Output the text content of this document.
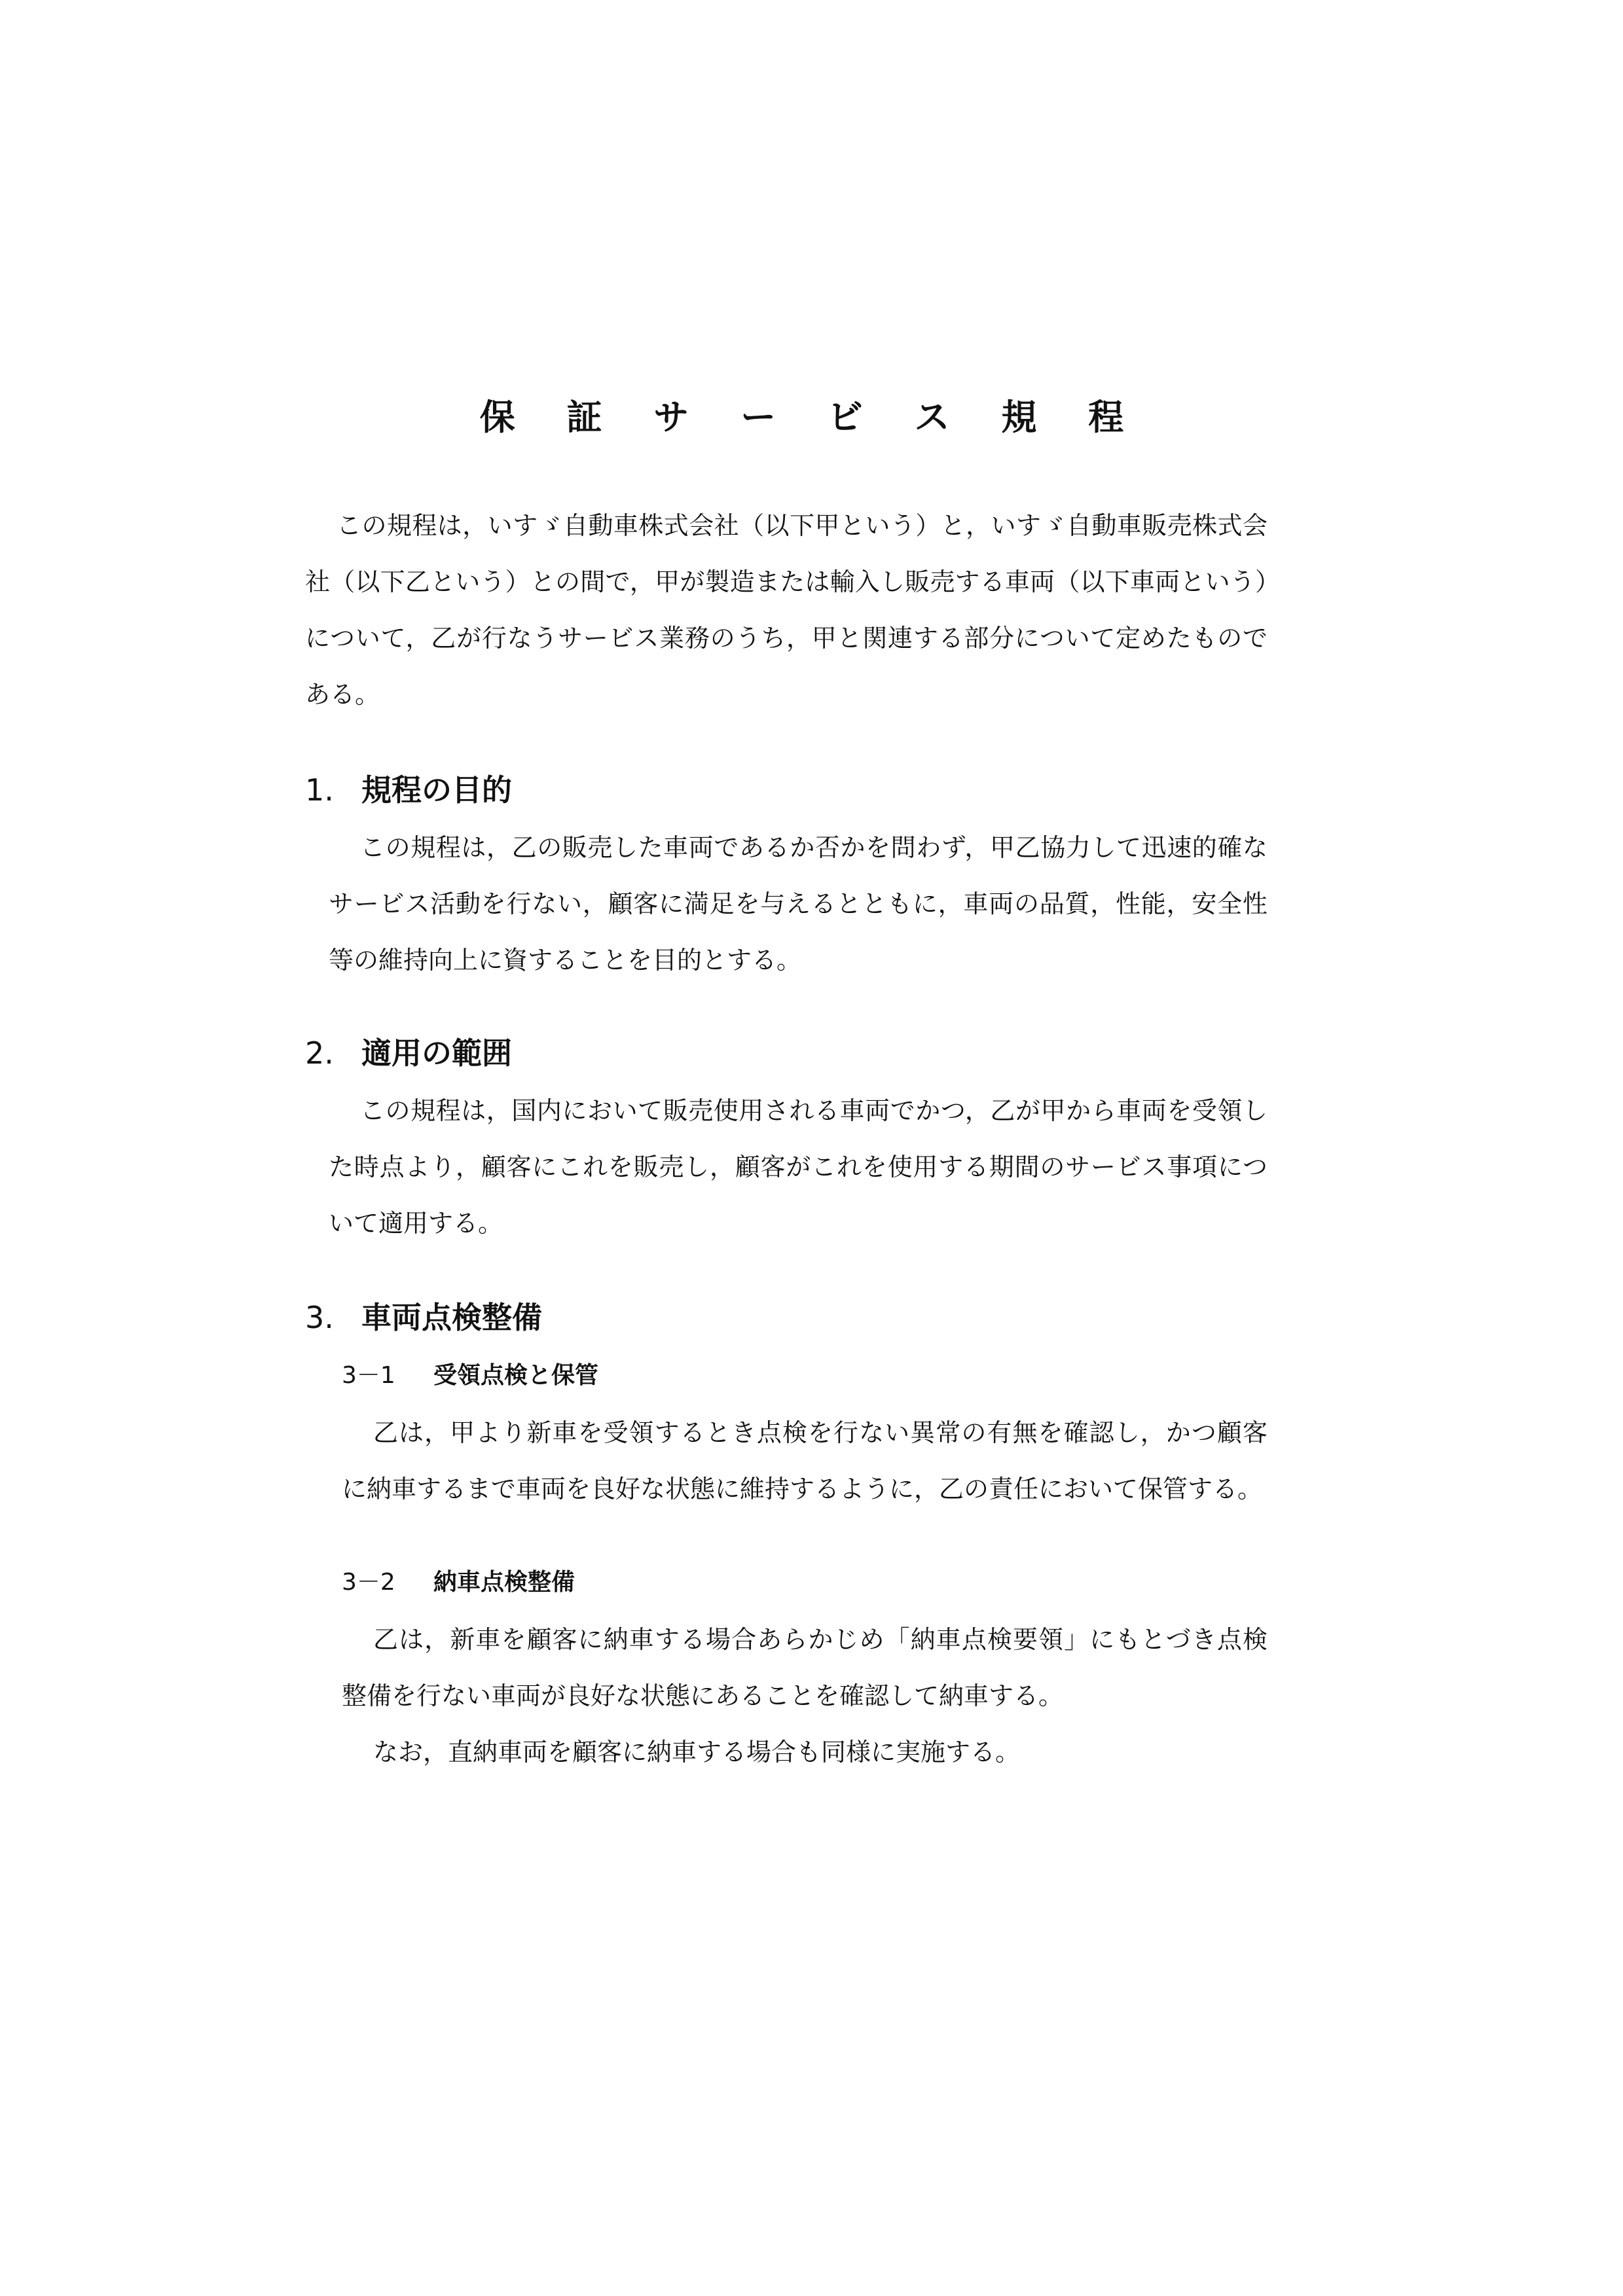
保 証 サ ー ビ ス 規 程

この規程は，いすゞ自動車株式会社（以下甲という）と，いすゞ自動車販売株式会社（以下乙という）との間で，甲が製造または輸入し販売する車両（以下車両という）について，乙が行なうサービス業務のうち，甲と関連する部分について定めたものである。

1. 規程の目的

この規程は，乙の販売した車両であるか否かを問わず，甲乙協力して迅速的確なサービス活動を行ない，顧客に満足を与えるとともに，車両の品質，性能，安全性等の維持向上に資することを目的とする。

2. 適用の範囲

この規程は，国内において販売使用される車両でかつ，乙が甲から車両を受領した時点より，顧客にこれを販売し，顧客がこれを使用する期間のサービス事項について適用する。

3. 車両点検整備
3－1 受領点検と保管

乙は，甲より新車を受領するとき点検を行ない異常の有無を確認し，かつ顧客に納車するまで車両を良好な状態に維持するように，乙の責任において保管する。

3－2 納車点検整備

乙は，新車を顧客に納車する場合あらかじめ「納車点検要領」にもとづき点検整備を行ない車両が良好な状態にあることを確認して納車する。

なお，直納車両を顧客に納車する場合も同様に実施する。
